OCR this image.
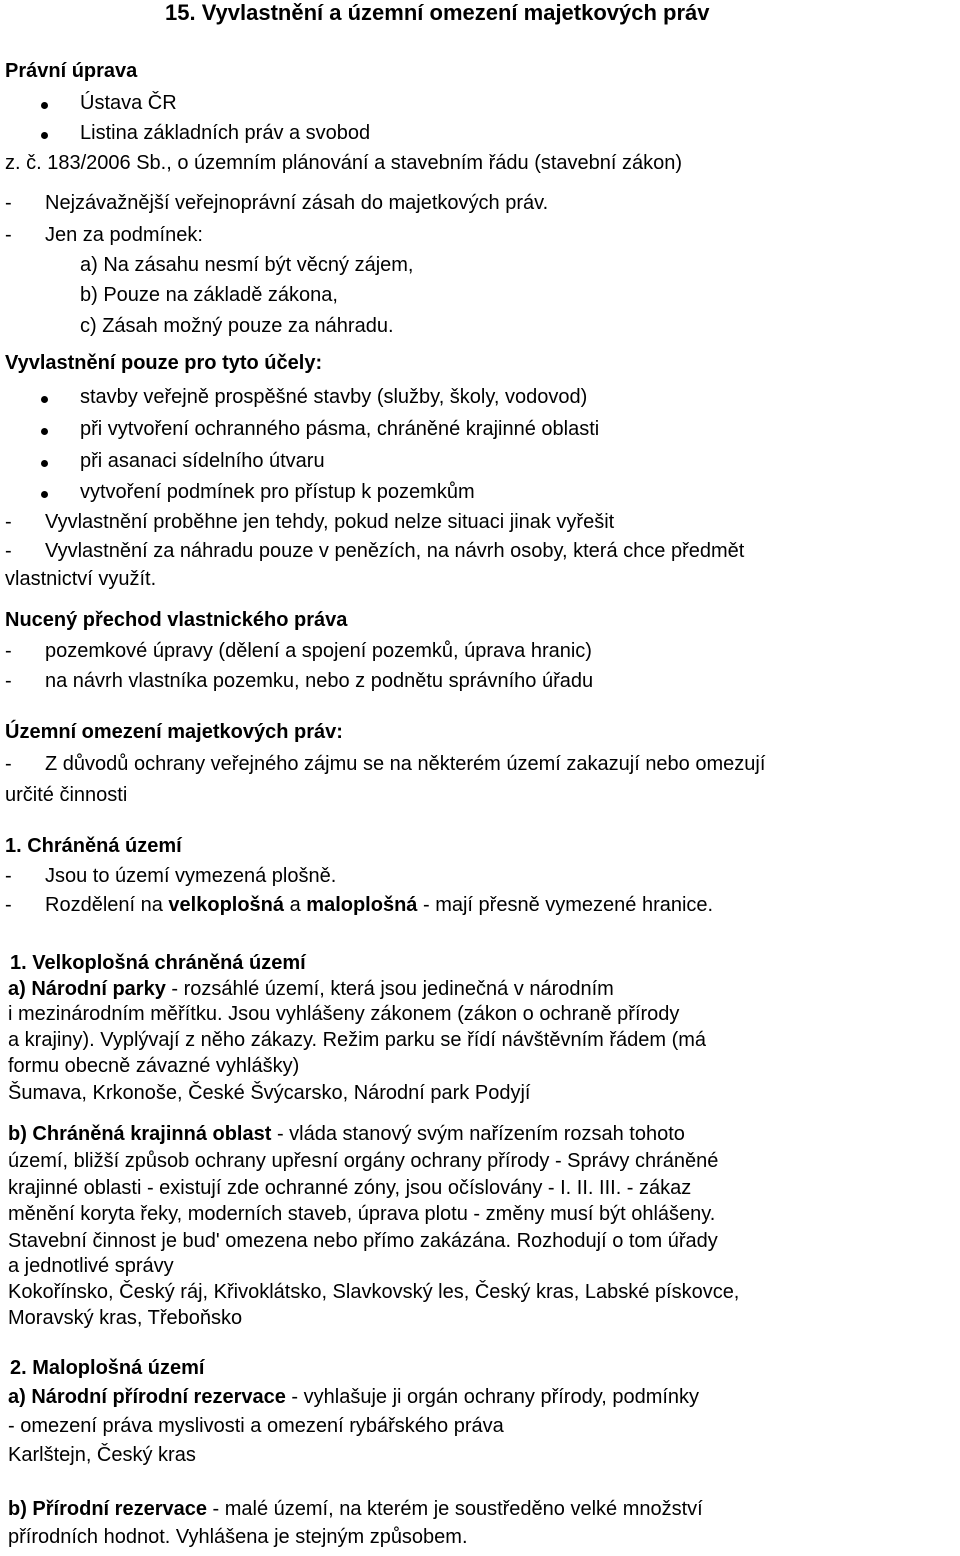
15. Vyvlastnění a územní omezení majetkových práv
Právní úprava
Ústava ČR
Listina základních práv a svobod
z. č. 183/2006 Sb., o územním plánování a stavebním řádu (stavební zákon)
- Nejzávažnější veřejnoprávní zásah do majetkových práv.
- Jen za podmínek:
a) Na zásahu nesmí být věcný zájem,
b) Pouze na základě zákona,
c) Zásah možný pouze za náhradu.
Vyvlastnění pouze pro tyto účely:
stavby veřejně prospěšné stavby (služby, školy, vodovod)
při vytvoření ochranného pásma, chráněné krajinné oblasti
při asanaci sídelního útvaru
vytvoření podmínek pro přístup k pozemkům
- Vyvlastnění proběhne jen tehdy, pokud nelze situaci jinak vyřešit
- Vyvlastnění za náhradu pouze v penězích, na návrh osoby, která chce předmět
vlastnictví využít.
Nucený přechod vlastnického práva
- pozemkové úpravy (dělení a spojení pozemků, úprava hranic)
- na návrh vlastníka pozemku, nebo z podnětu správního úřadu
Územní omezení majetkových práv:
- Z důvodů ochrany veřejného zájmu se na některém území zakazují nebo omezují
určité činnosti
1. Chráněná území
- Jsou to území vymezená plošně.
- Rozdělení na velkoplošná a maloplošná - mají přesně vymezené hranice.
1. Velkoplošná chráněná území
a) Národní parky - rozsáhlé území, která jsou jedinečná v národním
i mezinárodním měřítku. Jsou vyhlášeny zákonem (zákon o ochraně přírody
a krajiny). Vyplývají z něho zákazy. Režim parku se řídí návštěvním řádem (má
formu obecně závazné vyhlášky)
Šumava, Krkonoše, České Švýcarsko, Národní park Podyjí
b) Chráněná krajinná oblast - vláda stanový svým nařízením rozsah tohoto
území, bližší způsob ochrany upřesní orgány ochrany přírody - Správy chráněné
krajinné oblasti - existují zde ochranné zóny, jsou očíslovány - I. II. III. - zákaz
měnění koryta řeky, moderních staveb, úprava plotu - změny musí být ohlášeny.
Stavební činnost je bud' omezena nebo přímo zakázána. Rozhodují o tom úřady
a jednotlivé správy
Kokořínsko, Český ráj, Křivoklátsko, Slavkovský les, Český kras, Labské pískovce,
Moravský kras, Třeboňsko
2. Maloplošná území
a) Národní přírodní rezervace - vyhlašuje ji orgán ochrany přírody, podmínky
- omezení práva myslivosti a omezení rybářského práva
Karlštejn, Český kras
b) Přírodní rezervace - malé území, na kterém je soustředěno velké množství
přírodních hodnot. Vyhlášena je stejným způsobem.
